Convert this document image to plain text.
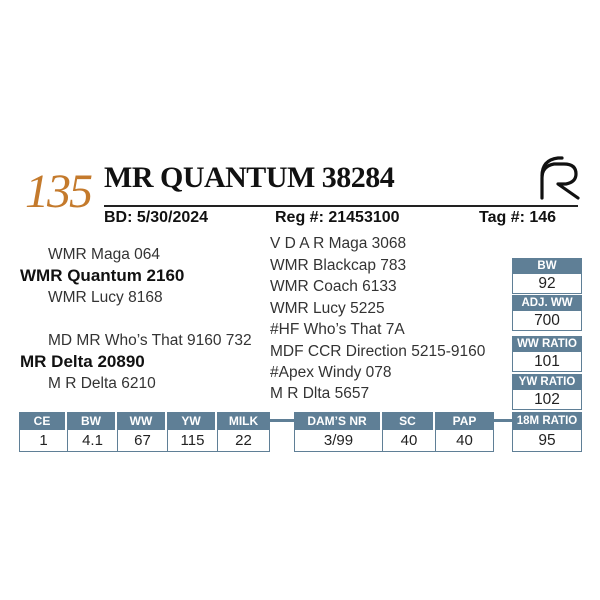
135 MR QUANTUM 38284
BD: 5/30/2024	Reg #: 21453100	Tag #: 146
WMR Maga 064
WMR Quantum 2160
WMR Lucy 8168
MD MR Who’s That 9160 732
MR Delta 20890
M R Delta 6210
V D A R Maga 3068
WMR Blackcap 783
WMR Coach 6133
WMR Lucy 5225
#HF Who’s That 7A
MDF CCR Direction 5215-9160
#Apex Windy 078
M R Dlta 5657
BW
92
ADJ. WW
700
WW RATIO
101
YW RATIO
102
CE	BW	WW	YW	MILK
1	4.1	67	115	22
DAM’S NR	SC	PAP
3/99	40	40
18M RATIO
95
